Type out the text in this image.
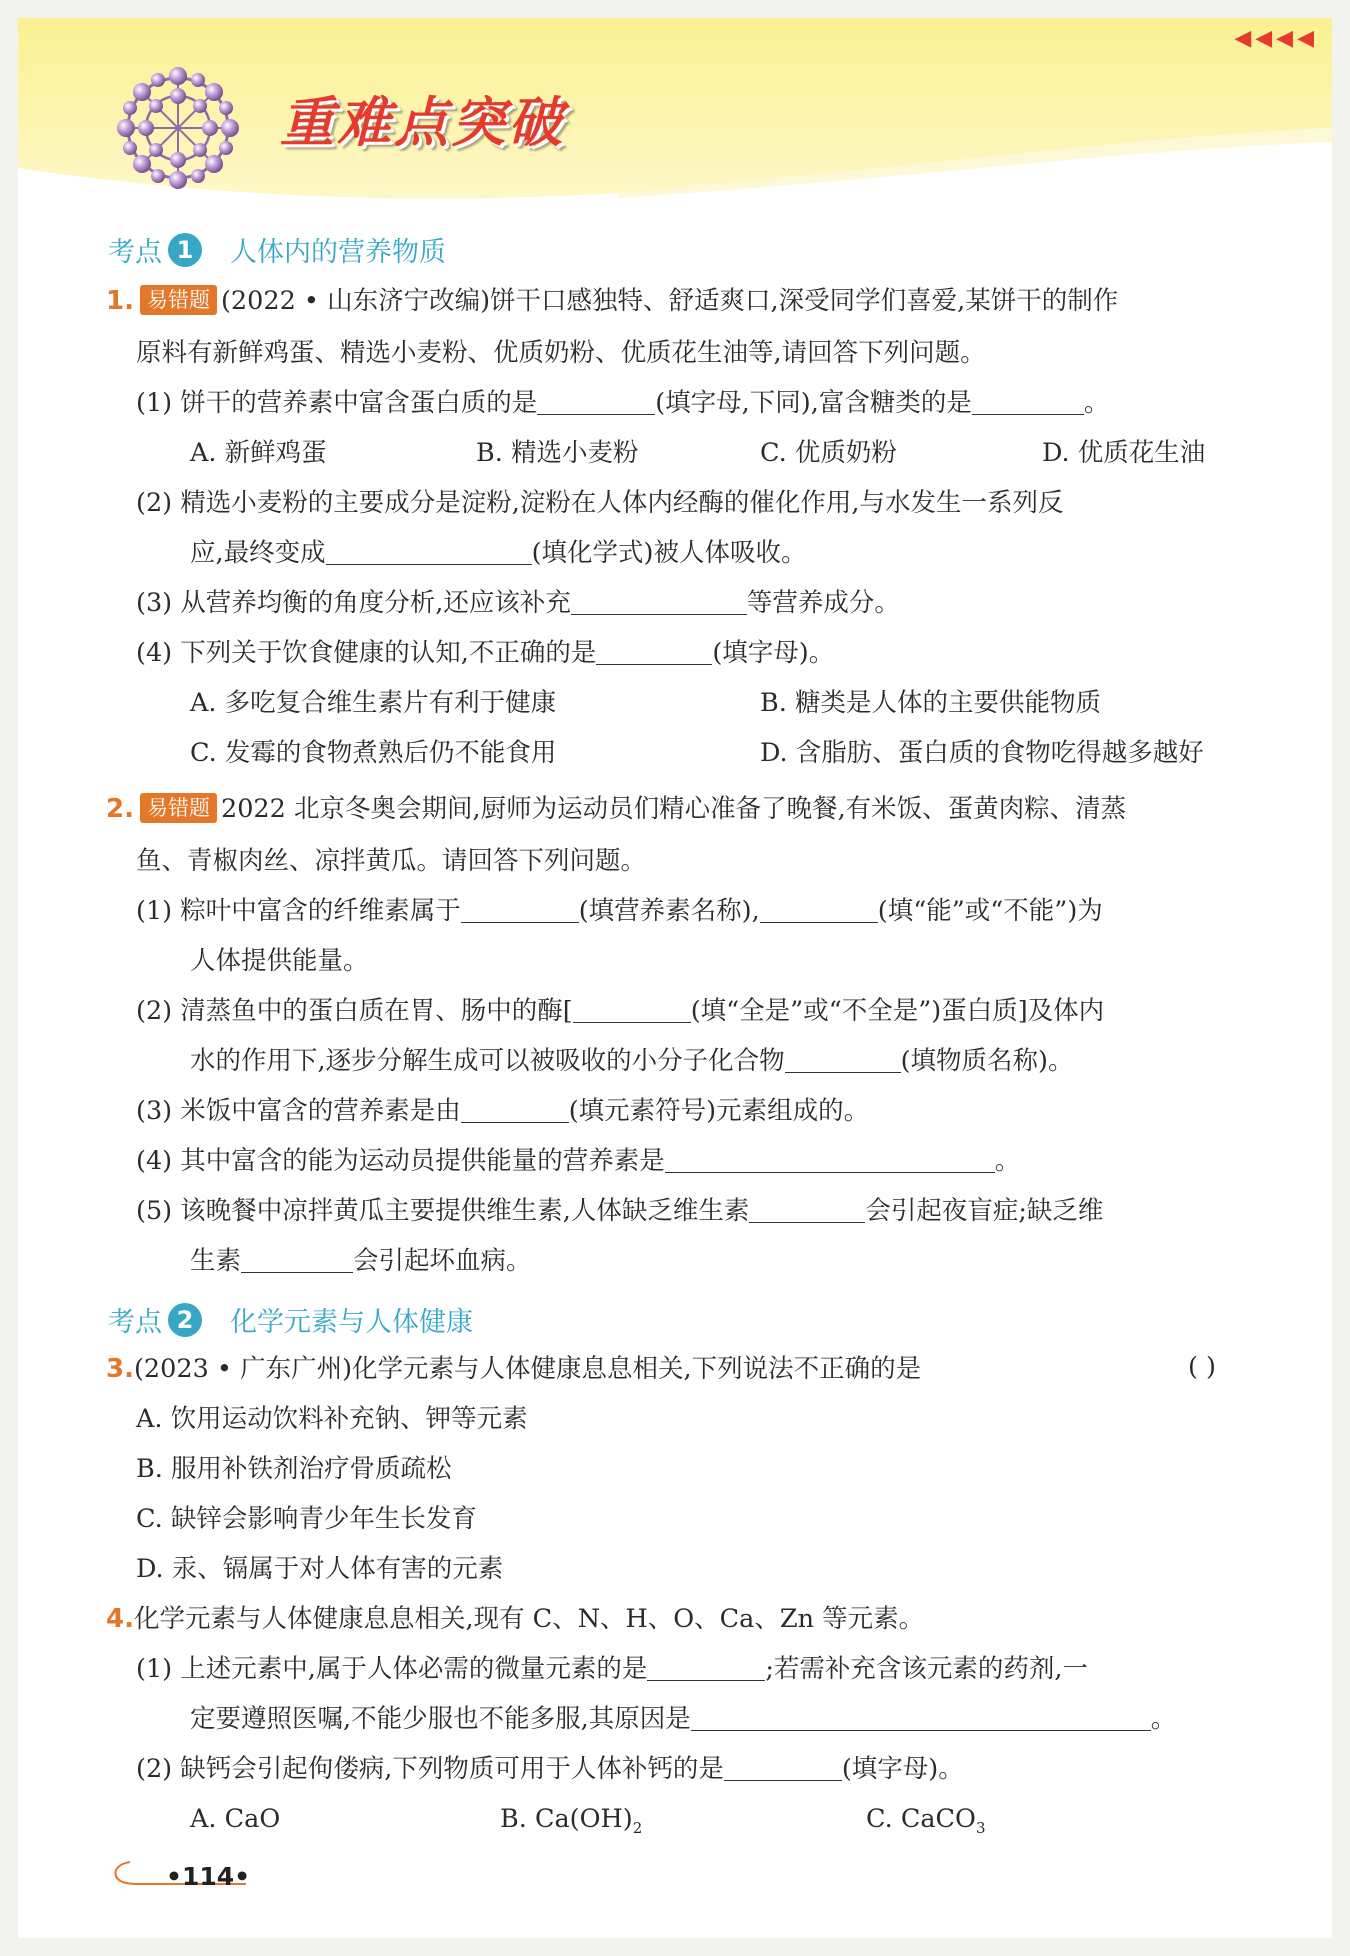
重难点突破
◀◀◀◀
考点 1	人体内的营养物质
1. 易错题 (2022 • 山东济宁改编)饼干口感独特、舒适爽口,深受同学们喜爱,某饼干的制作
原料有新鲜鸡蛋、精选小麦粉、优质奶粉、优质花生油等,请回答下列问题。
(1) 饼干的营养素中富含蛋白质的是	(填字母,下同),富含糖类的是	。
A. 新鲜鸡蛋	B. 精选小麦粉	C. 优质奶粉	D. 优质花生油
(2) 精选小麦粉的主要成分是淀粉,淀粉在人体内经酶的催化作用,与水发生一系列反
应,最终变成	(填化学式)被人体吸收。
(3) 从营养均衡的角度分析,还应该补充	等营养成分。
(4) 下列关于饮食健康的认知,不正确的是	(填字母)。
A. 多吃复合维生素片有利于健康	B. 糖类是人体的主要供能物质
C. 发霉的食物煮熟后仍不能食用	D. 含脂肪、蛋白质的食物吃得越多越好
2. 易错题 2022 北京冬奥会期间,厨师为运动员们精心准备了晚餐,有米饭、蛋黄肉粽、清蒸
鱼、青椒肉丝、凉拌黄瓜。请回答下列问题。
(1) 粽叶中富含的纤维素属于	(填营养素名称),	(填“能”或“不能”)为
人体提供能量。
(2) 清蒸鱼中的蛋白质在胃、肠中的酶[	(填“全是”或“不全是”)蛋白质]及体内
水的作用下,逐步分解生成可以被吸收的小分子化合物	(填物质名称)。
(3) 米饭中富含的营养素是由	(填元素符号)元素组成的。
(4) 其中富含的能为运动员提供能量的营养素是	。
(5) 该晚餐中凉拌黄瓜主要提供维生素,人体缺乏维生素	会引起夜盲症;缺乏维
生素	会引起坏血病。
考点 2	化学元素与人体健康
3.(2023 • 广东广州)化学元素与人体健康息息相关,下列说法不正确的是	( )
A. 饮用运动饮料补充钠、钾等元素
B. 服用补铁剂治疗骨质疏松
C. 缺锌会影响青少年生长发育
D. 汞、镉属于对人体有害的元素
4.化学元素与人体健康息息相关,现有 C、N、H、O、Ca、Zn 等元素。
(1) 上述元素中,属于人体必需的微量元素的是	;若需补充含该元素的药剂,一
定要遵照医嘱,不能少服也不能多服,其原因是	。
(2) 缺钙会引起佝偻病,下列物质可用于人体补钙的是	(填字母)。
A. CaO	B. $Ca(OH)_2$	C. CaCO$_3$
•114•
